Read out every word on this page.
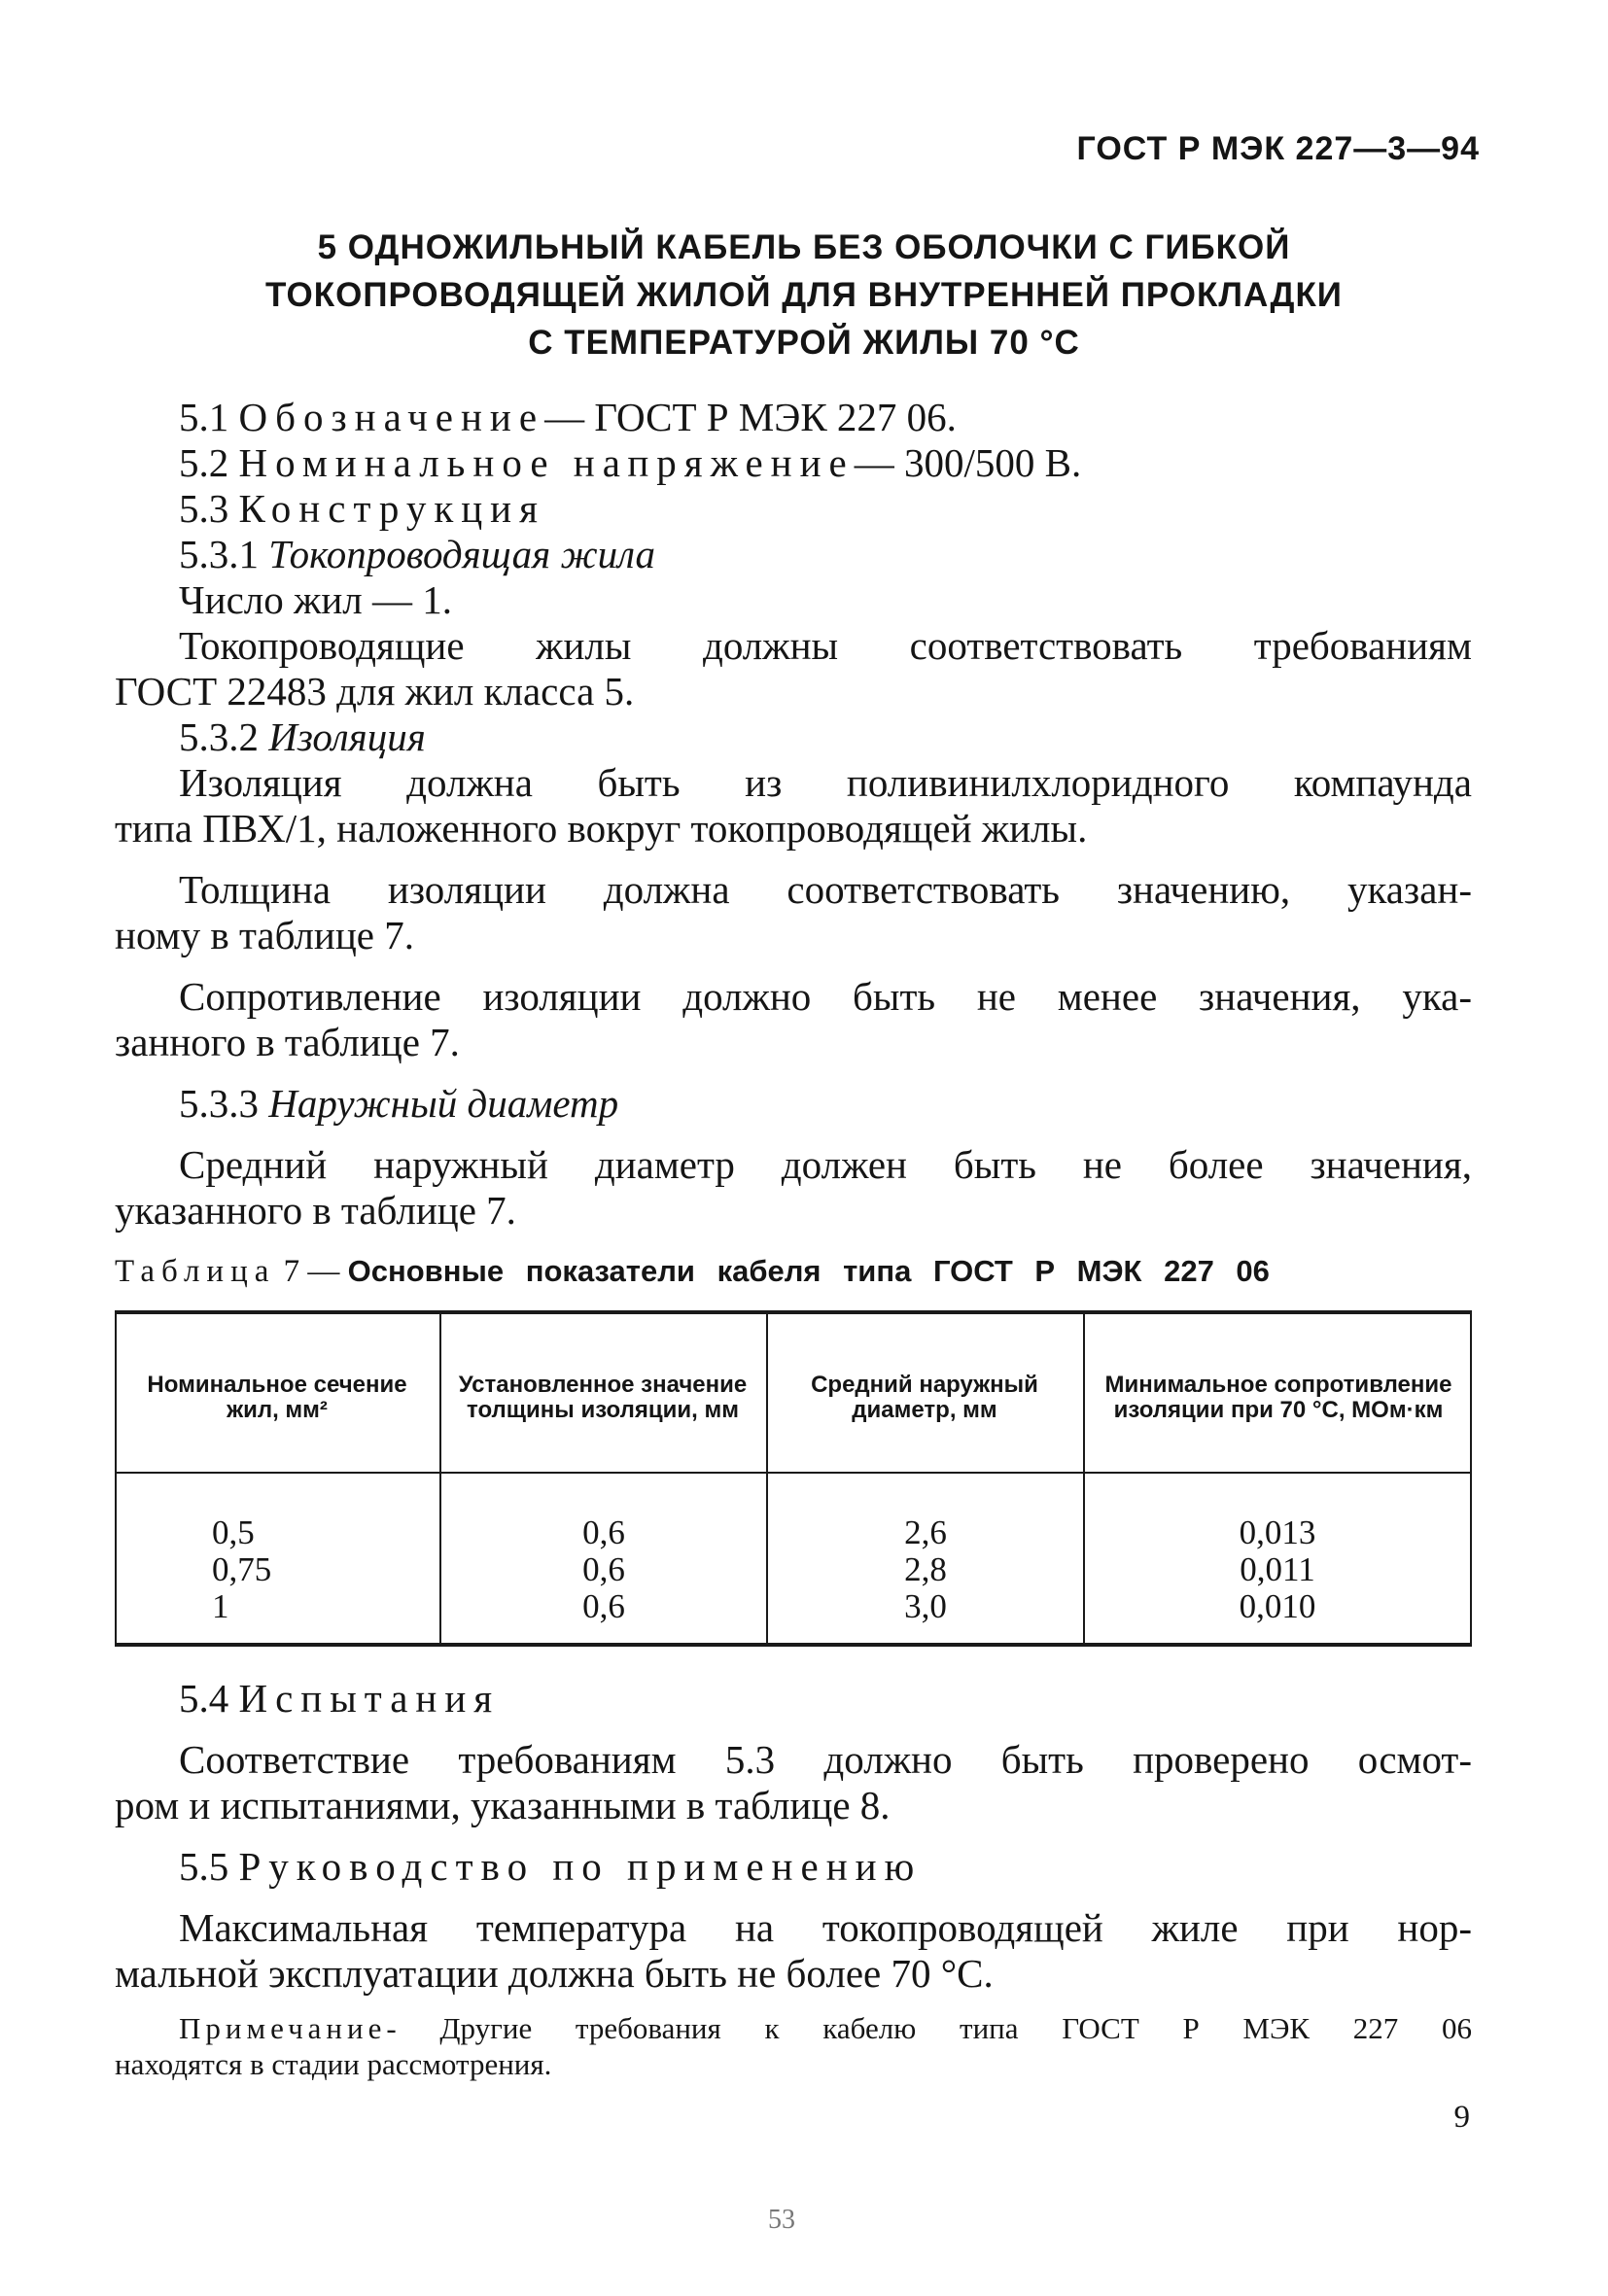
ГОСТ Р МЭК 227—3—94
5 ОДНОЖИЛЬНЫЙ КАБЕЛЬ БЕЗ ОБОЛОЧКИ С ГИБКОЙ
ТОКОПРОВОДЯЩЕЙ ЖИЛОЙ ДЛЯ ВНУТРЕННЕЙ ПРОКЛАДКИ
С ТЕМПЕРАТУРОЙ ЖИЛЫ 70 °С
5.1 Обозначение— ГОСТ Р МЭК 227 06.
5.2 Номинальное напряжение— 300/500 В.
5.3 Конструкция
5.3.1 Токопроводящая жила
Число жил — 1.
Токопроводящие жилы должны соответствовать требованиям
ГОСТ 22483 для жил класса 5.
5.3.2 Изоляция
Изоляция должна быть из поливинилхлоридного компаунда
типа ПВХ/1, наложенного вокруг токопроводящей жилы.
Толщина изоляции должна соответствовать значению, указан-
ному в таблице 7.
Сопротивление изоляции должно быть не менее значения, ука-
занного в таблице 7.
5.3.3 Наружный диаметр
Средний наружный диаметр должен быть не более значения,
указанного в таблице 7.
Таблица 7 — Основные показатели кабеля типа ГОСТ Р МЭК 227 06
Номинальное сечение жил, мм²
Установленное значение толщины изоляции, мм
Средний наружный диаметр, мм
Минимальное сопротивление изоляции при 70 °С, МОм·км
0,5
0,75
1
0,6
0,6
0,6
2,6
2,8
3,0
0,013
0,011
0,010
5.4 Испытания
Соответствие требованиям 5.3 должно быть проверено осмот-
ром и испытаниями, указанными в таблице 8.
5.5 Руководство по применению
Максимальная температура на токопроводящей жиле при нор-
мальной эксплуатации должна быть не более 70 °С.
Примечание- Другие требования к кабелю типа ГОСТ Р МЭК 227 06
находятся в стадии рассмотрения.
9
53
